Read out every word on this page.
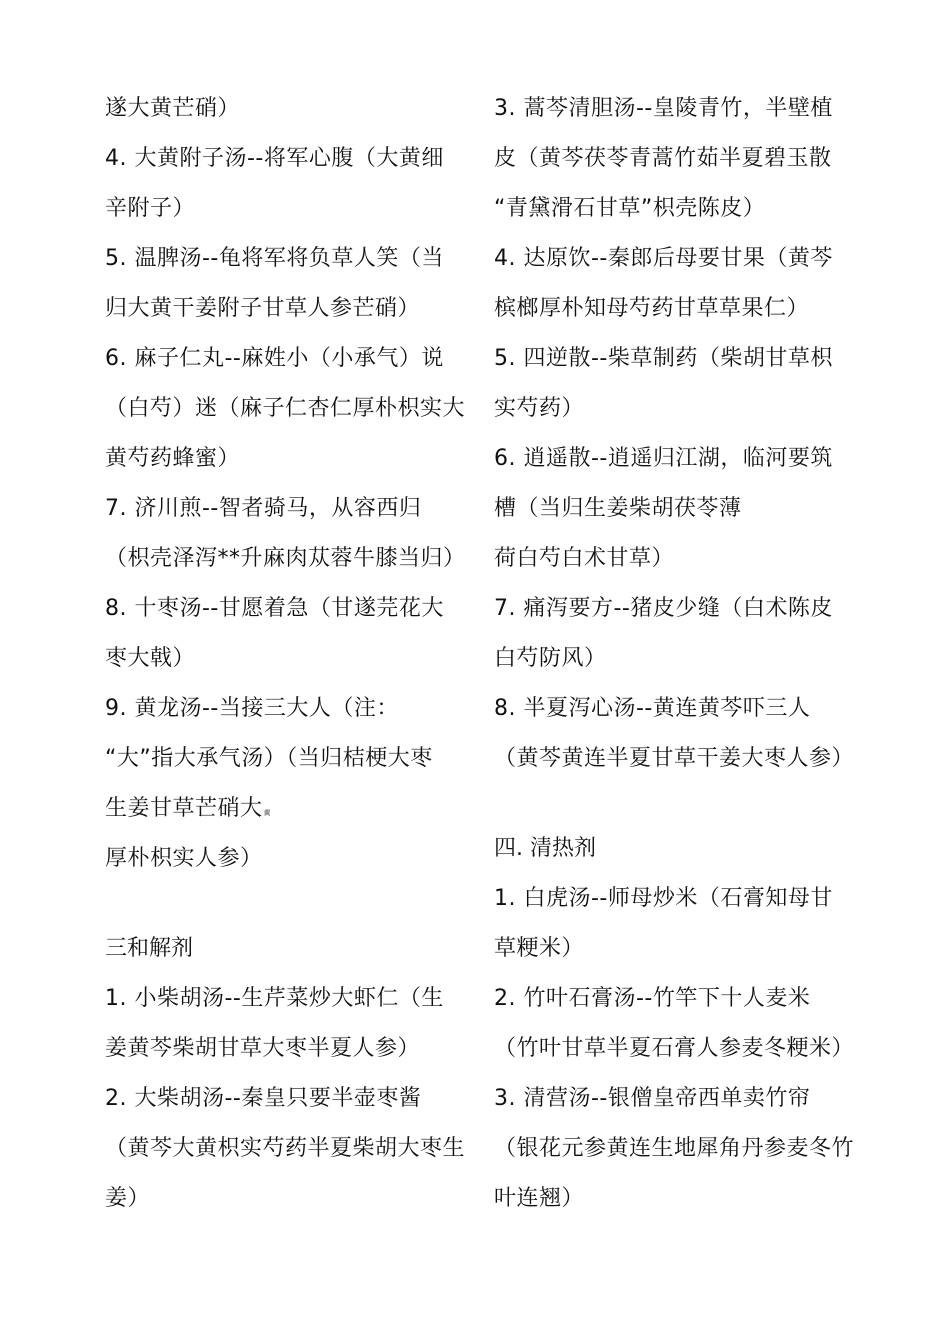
遂大黄芒硝）
4. 大黄附子汤--将军心腹（大黄细
辛附子）
5. 温脾汤--龟将军将负草人笑（当
归大黄干姜附子甘草人参芒硝）
6. 麻子仁丸--麻姓小（小承气）说
（白芍）迷（麻子仁杏仁厚朴枳实大
黄芍药蜂蜜）
7. 济川煎--智者骑马，从容西归
（枳壳泽泻**升麻肉苁蓉牛膝当归）
8. 十枣汤--甘愿着急（甘遂芫花大
枣大戟）
9. 黄龙汤--当接三大人（注：
“大”指大承气汤）（当归桔梗大枣
生姜甘草芒硝大黄
厚朴枳实人参）
三和解剂
1. 小柴胡汤--生芹菜炒大虾仁（生
姜黄芩柴胡甘草大枣半夏人参）
2. 大柴胡汤--秦皇只要半壶枣酱
（黄芩大黄枳实芍药半夏柴胡大枣生
姜）
3. 蒿芩清胆汤--皇陵青竹，半壁植
皮（黄芩茯苓青蒿竹茹半夏碧玉散
“青黛滑石甘草”枳壳陈皮）
4. 达原饮--秦郎后母要甘果（黄芩
槟榔厚朴知母芍药甘草草果仁）
5. 四逆散--柴草制药（柴胡甘草枳
实芍药）
6. 逍遥散--逍遥归江湖，临河要筑
槽（当归生姜柴胡茯苓薄
荷白芍白术甘草）
7. 痛泻要方--猪皮少缝（白术陈皮
白芍防风）
8. 半夏泻心汤--黄连黄芩吓三人
（黄芩黄连半夏甘草干姜大枣人参）
四. 清热剂
1. 白虎汤--师母炒米（石膏知母甘
草粳米）
2. 竹叶石膏汤--竹竿下十人麦米
（竹叶甘草半夏石膏人参麦冬粳米）
3. 清营汤--银僧皇帝西单卖竹帘
（银花元参黄连生地犀角丹参麦冬竹
叶连翘）
